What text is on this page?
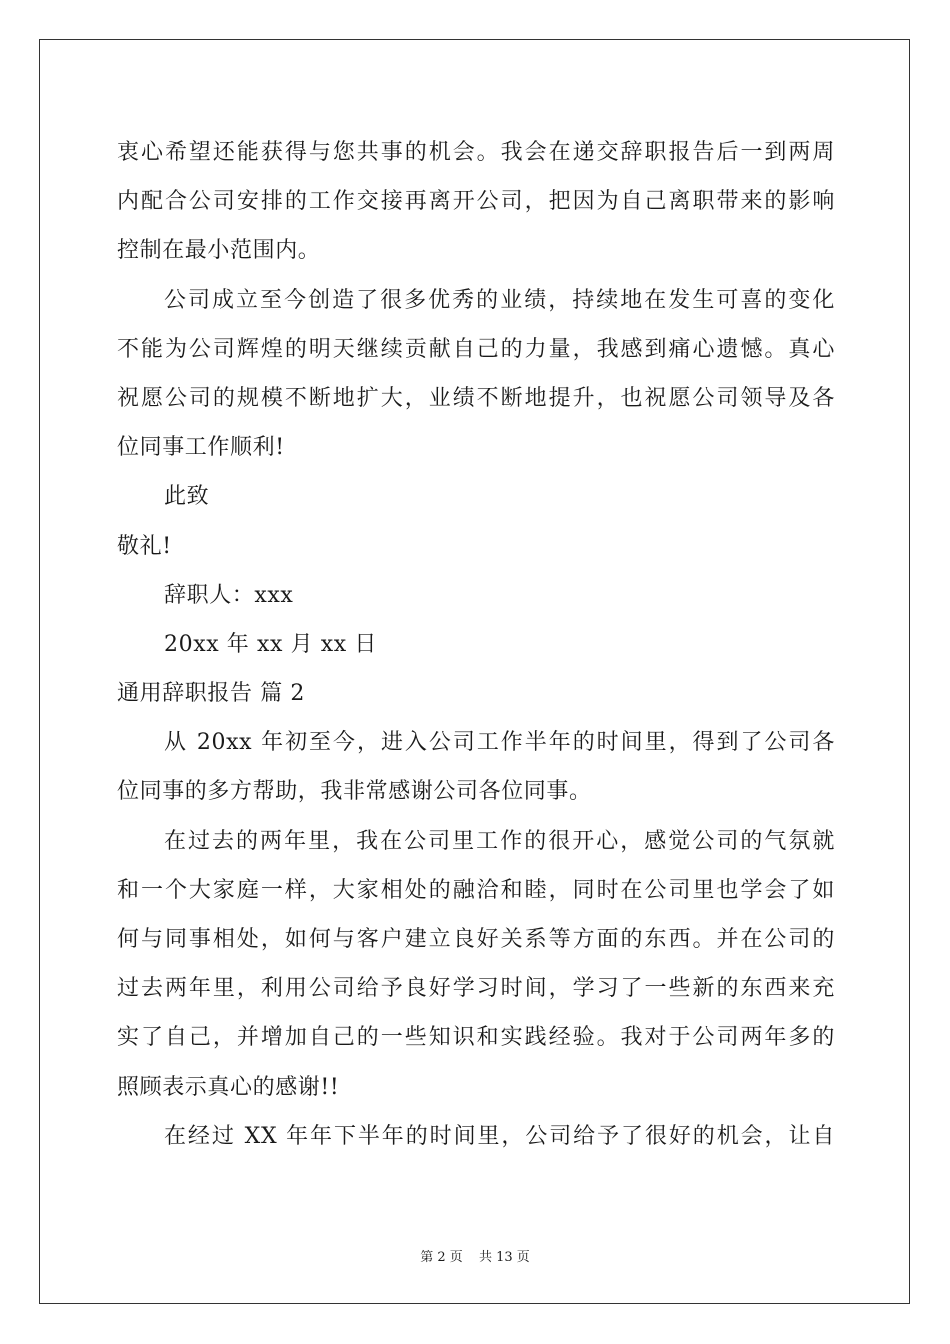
衷心希望还能获得与您共事的机会。我会在递交辞职报告后一到两周
内配合公司安排的工作交接再离开公司，把因为自己离职带来的影响
控制在最小范围内。
公司成立至今创造了很多优秀的业绩，持续地在发生可喜的变化
不能为公司辉煌的明天继续贡献自己的力量，我感到痛心遗憾。真心
祝愿公司的规模不断地扩大，业绩不断地提升，也祝愿公司领导及各
位同事工作顺利!
此致
敬礼!
辞职人：xxx
20xx 年 xx 月 xx 日
通用辞职报告 篇 2
从 20xx 年初至今，进入公司工作半年的时间里，得到了公司各
位同事的多方帮助，我非常感谢公司各位同事。
在过去的两年里，我在公司里工作的很开心，感觉公司的气氛就
和一个大家庭一样，大家相处的融洽和睦，同时在公司里也学会了如
何与同事相处，如何与客户建立良好关系等方面的东西。并在公司的
过去两年里，利用公司给予良好学习时间，学习了一些新的东西来充
实了自己，并增加自己的一些知识和实践经验。我对于公司两年多的
照顾表示真心的感谢!!
在经过 XX 年年下半年的时间里，公司给予了很好的机会，让自
第 2 页 共 13 页
